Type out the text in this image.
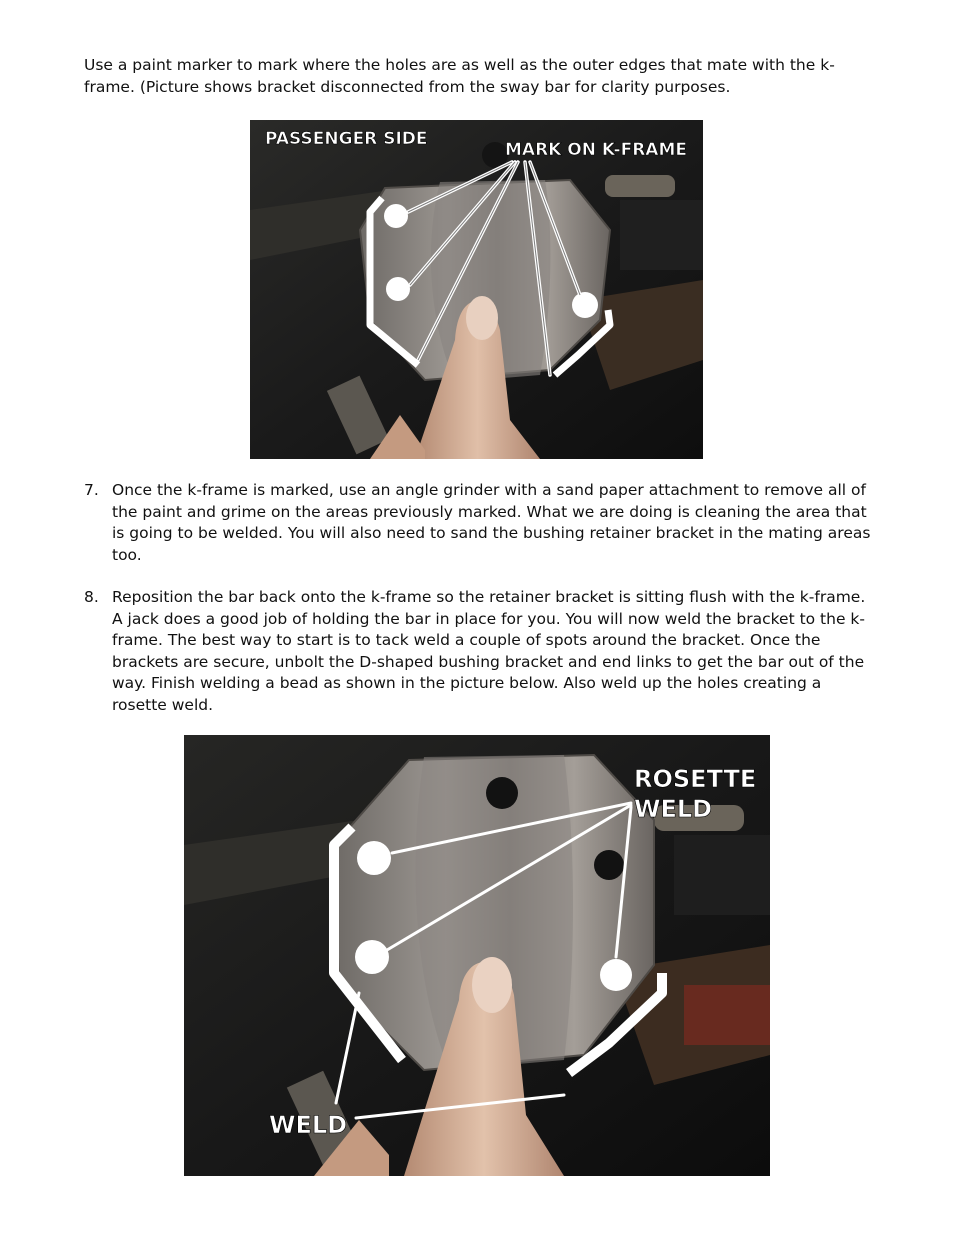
Use a paint marker to mark where the holes are as well as the outer edges that mate with the k-frame. (Picture shows bracket disconnected from the sway bar for clarity purposes.

PASSENGER SIDE
MARK ON K-FRAME
7. Once the k-frame is marked, use an angle grinder with a sand paper attachment to remove all of the paint and grime on the areas previously marked. What we are doing is cleaning the area that is going to be welded. You will also need to sand the bushing retainer bracket in the mating areas too.
8. Reposition the bar back onto the k-frame so the retainer bracket is sitting flush with the k-frame. A jack does a good job of holding the bar in place for you. You will now weld the bracket to the k-frame. The best way to start is to tack weld a couple of spots around the bracket. Once the brackets are secure, unbolt the D-shaped bushing bracket and end links to get the bar out of the way. Finish welding a bead as shown in the picture below. Also weld up the holes creating a rosette weld.
ROSETTE
WELD
WELD
